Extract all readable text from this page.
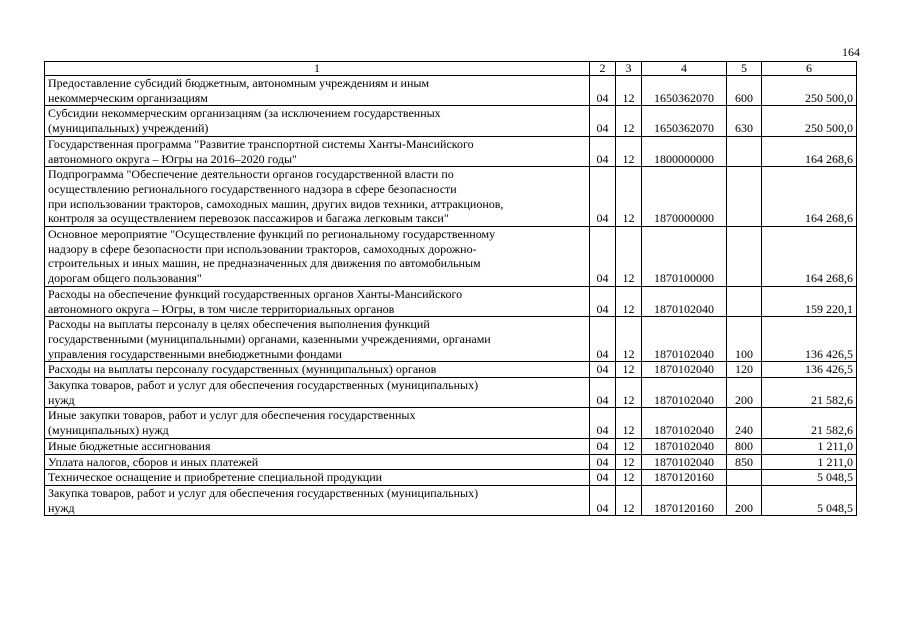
164
1	2	3	4	5	6

Предоставление субсидий бюджетным, автономным учреждениям и иным
некоммерческим организациям	04	12	1650362070	600	250 500,0

Субсидии некоммерческим организациям (за исключением государственных
(муниципальных) учреждений)	04	12	1650362070	630	250 500,0

Государственная программа "Развитие транспортной системы Ханты-Мансийского
автономного округа – Югры на 2016–2020 годы"	04	12	1800000000		164 268,6

Подпрограмма "Обеспечение деятельности органов государственной власти по
осуществлению регионального государственного надзора в сфере безопасности
при использовании тракторов, самоходных машин, других видов техники, аттракционов,
контроля за осуществлением перевозок пассажиров и багажа легковым такси"	04	12	1870000000		164 268,6

Основное мероприятие "Осуществление функций по региональному государственному
надзору в сфере безопасности при использовании тракторов, самоходных дорожно-
строительных и иных машин, не предназначенных для движения по автомобильным
дорогам общего пользования"	04	12	1870100000		164 268,6

Расходы на обеспечение функций государственных органов Ханты-Мансийского
автономного округа – Югры, в том числе территориальных органов	04	12	1870102040		159 220,1

Расходы на выплаты персоналу в целях обеспечения выполнения функций
государственными (муниципальными) органами, казенными учреждениями, органами
управления государственными внебюджетными фондами	04	12	1870102040	100	136 426,5

Расходы на выплаты персоналу государственных (муниципальных) органов	04	12	1870102040	120	136 426,5

Закупка товаров, работ и услуг для обеспечения государственных (муниципальных)
нужд	04	12	1870102040	200	21 582,6

Иные закупки товаров, работ и услуг для обеспечения государственных
(муниципальных) нужд	04	12	1870102040	240	21 582,6

Иные бюджетные ассигнования	04	12	1870102040	800	1 211,0

Уплата налогов, сборов и иных платежей	04	12	1870102040	850	1 211,0

Техническое оснащение и приобретение специальной продукции	04	12	1870120160		5 048,5

Закупка товаров, работ и услуг для обеспечения государственных (муниципальных)
нужд	04	12	1870120160	200	5 048,5
